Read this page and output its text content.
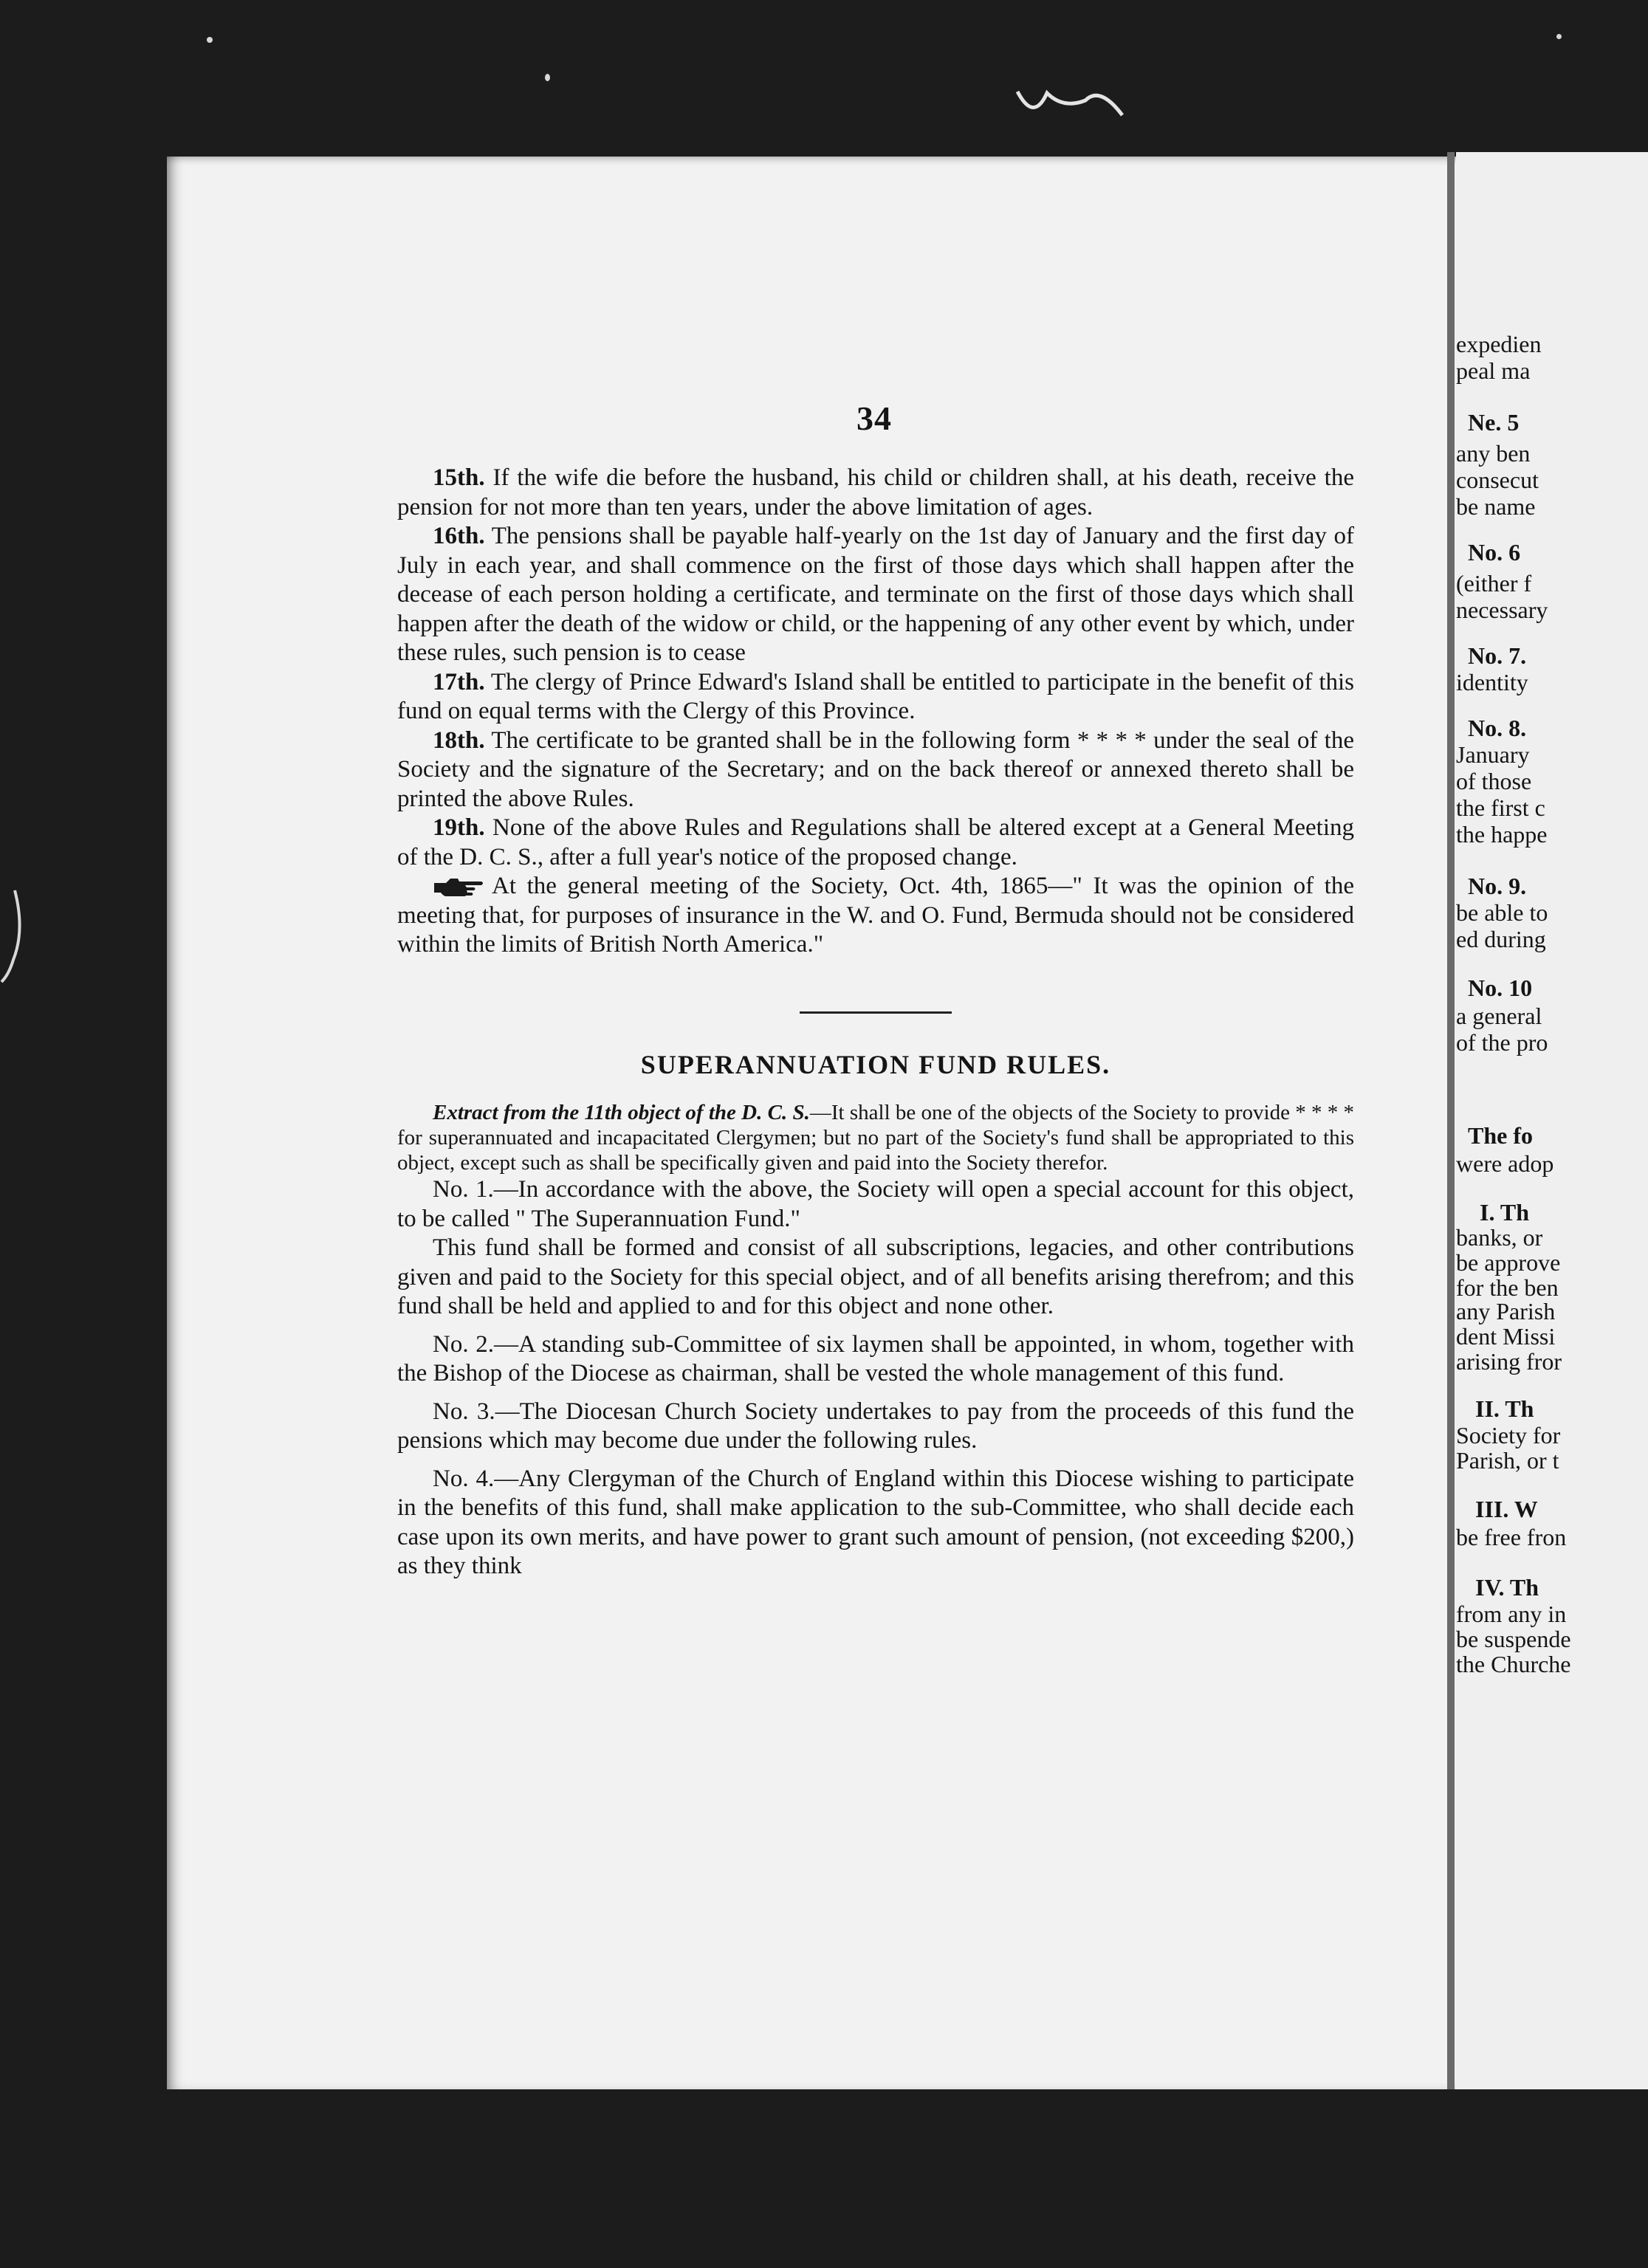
expedien
peal ma
Ne. 5
any ben
consecut
be name
No. 6
(either f
necessary
No. 7.
identity
No. 8.
January
of those
the first c
the happe
No. 9.
be able to
ed during
No. 10
a general
of the pro
The fo
were adop
I. Th
banks, or
be approve
for the ben
any Parish
dent Missi
arising fror
II. Th
Society for
Parish, or t
III. W
be free fron
IV. Th
from any in
be suspende
the Churche
34

15th. If the wife die before the husband, his child or children shall, at his death, receive the pension for not more than ten years, under the above limitation of ages.

16th. The pensions shall be payable half-yearly on the 1st day of January and the first day of July in each year, and shall commence on the first of those days which shall happen after the decease of each person holding a certificate, and terminate on the first of those days which shall happen after the death of the widow or child, or the happening of any other event by which, under these rules, such pension is to cease

17th. The clergy of Prince Edward's Island shall be entitled to participate in the benefit of this fund on equal terms with the Clergy of this Province.

18th. The certificate to be granted shall be in the following form * * * * under the seal of the Society and the signature of the Secretary; and on the back thereof or annexed thereto shall be printed the above Rules.

19th. None of the above Rules and Regulations shall be altered except at a General Meeting of the D. C. S., after a full year's notice of the proposed change.

At the general meeting of the Society, Oct. 4th, 1865—" It was the opinion of the meeting that, for purposes of insurance in the W. and O. Fund, Bermuda should not be considered within the limits of British North America."

SUPERANNUATION FUND RULES.

Extract from the 11th object of the D. C. S.—It shall be one of the objects of the Society to provide * * * * for superannuated and incapacitated Clergymen; but no part of the Society's fund shall be appropriated to this object, except such as shall be specifically given and paid into the Society therefor.

No. 1.—In accordance with the above, the Society will open a special account for this object, to be called " The Superannuation Fund."

This fund shall be formed and consist of all subscriptions, legacies, and other contributions given and paid to the Society for this special object, and of all benefits arising therefrom; and this fund shall be held and applied to and for this object and none other.

No. 2.—A standing sub-Committee of six laymen shall be appointed, in whom, together with the Bishop of the Diocese as chairman, shall be vested the whole management of this fund.

No. 3.—The Diocesan Church Society undertakes to pay from the proceeds of this fund the pensions which may become due under the following rules.

No. 4.—Any Clergyman of the Church of England within this Diocese wishing to participate in the benefits of this fund, shall make application to the sub-Committee, who shall decide each case upon its own merits, and have power to grant such amount of pension, (not exceeding $200,) as they think
